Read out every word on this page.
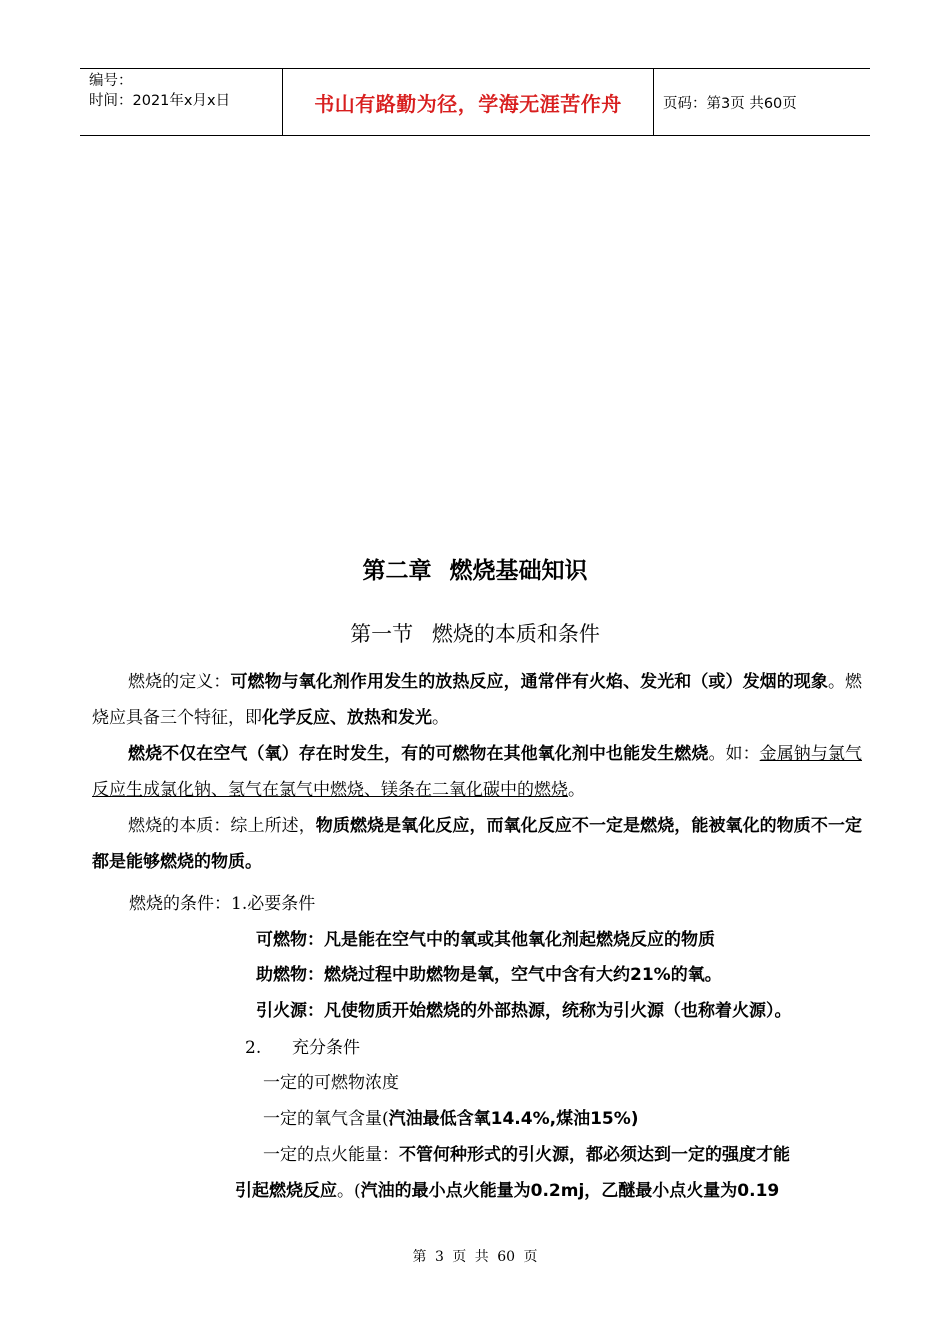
编号：
时间：2021年x月x日	书山有路勤为径，学海无涯苦作舟	页码：第3页 共60页
第二章 燃烧基础知识
第一节 燃烧的本质和条件
燃烧的定义：可燃物与氧化剂作用发生的放热反应，通常伴有火焰、发光和（或）发烟的现象。燃烧应具备三个特征，即化学反应、放热和发光。
燃烧不仅在空气（氧）存在时发生，有的可燃物在其他氧化剂中也能发生燃烧。如：金属钠与氯气反应生成氯化钠、氢气在氯气中燃烧、镁条在二氧化碳中的燃烧。
燃烧的本质：综上所述，物质燃烧是氧化反应，而氧化反应不一定是燃烧，能被氧化的物质不一定都是能够燃烧的物质。
燃烧的条件：1.必要条件
可燃物：凡是能在空气中的氧或其他氧化剂起燃烧反应的物质
助燃物：燃烧过程中助燃物是氧，空气中含有大约21%的氧。
引火源：凡使物质开始燃烧的外部热源，统称为引火源（也称着火源）。
2. 充分条件
一定的可燃物浓度
一定的氧气含量(汽油最低含氧14.4%,煤油15%)
一定的点火能量：不管何种形式的引火源，都必须达到一定的强度才能
引起燃烧反应。(汽油的最小点火能量为0.2mj，乙醚最小点火量为0.19
第 3 页 共 60 页
